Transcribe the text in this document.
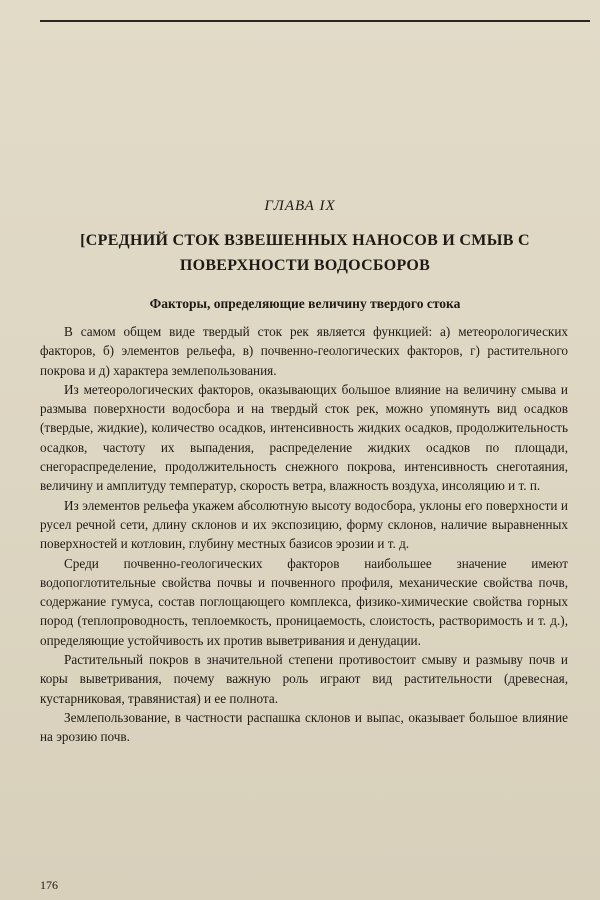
ГЛАВА IX
[СРЕДНИЙ СТОК ВЗВЕШЕННЫХ НАНОСОВ И СМЫВ С ПОВЕРХНОСТИ ВОДОСБОРОВ
Факторы, определяющие величину твердого стока

В самом общем виде твердый сток рек является функцией: а) метеорологических факторов, б) элементов рельефа, в) почвенно-геологических факторов, г) растительного покрова и д) характера землепользования.

Из метеорологических факторов, оказывающих большое влияние на величину смыва и размыва поверхности водосбора и на твердый сток рек, можно упомянуть вид осадков (твердые, жидкие), количество осадков, интенсивность жидких осадков, продолжительность осадков, частоту их выпадения, распределение жидких осадков по площади, снегораспределение, продолжительность снежного покрова, интенсивность снеготаяния, величину и амплитуду температур, скорость ветра, влажность воздуха, инсоляцию и т. п.

Из элементов рельефа укажем абсолютную высоту водосбора, уклоны его поверхности и русел речной сети, длину склонов и их экспозицию, форму склонов, наличие выравненных поверхностей и котловин, глубину местных базисов эрозии и т. д.

Среди почвенно-геологических факторов наибольшее значение имеют водопоглотительные свойства почвы и почвенного профиля, механические свойства почв, содержание гумуса, состав поглощающего комплекса, физико-химические свойства горных пород (теплопроводность, теплоемкость, проницаемость, слоистость, растворимость и т. д.), определяющие устойчивость их против выветривания и денудации.

Растительный покров в значительной степени противостоит смыву и размыву почв и коры выветривания, почему важную роль играют вид растительности (древесная, кустарниковая, травянистая) и ее полнота.

Землепользование, в частности распашка склонов и выпас, оказывает большое влияние на эрозию почв.

176
